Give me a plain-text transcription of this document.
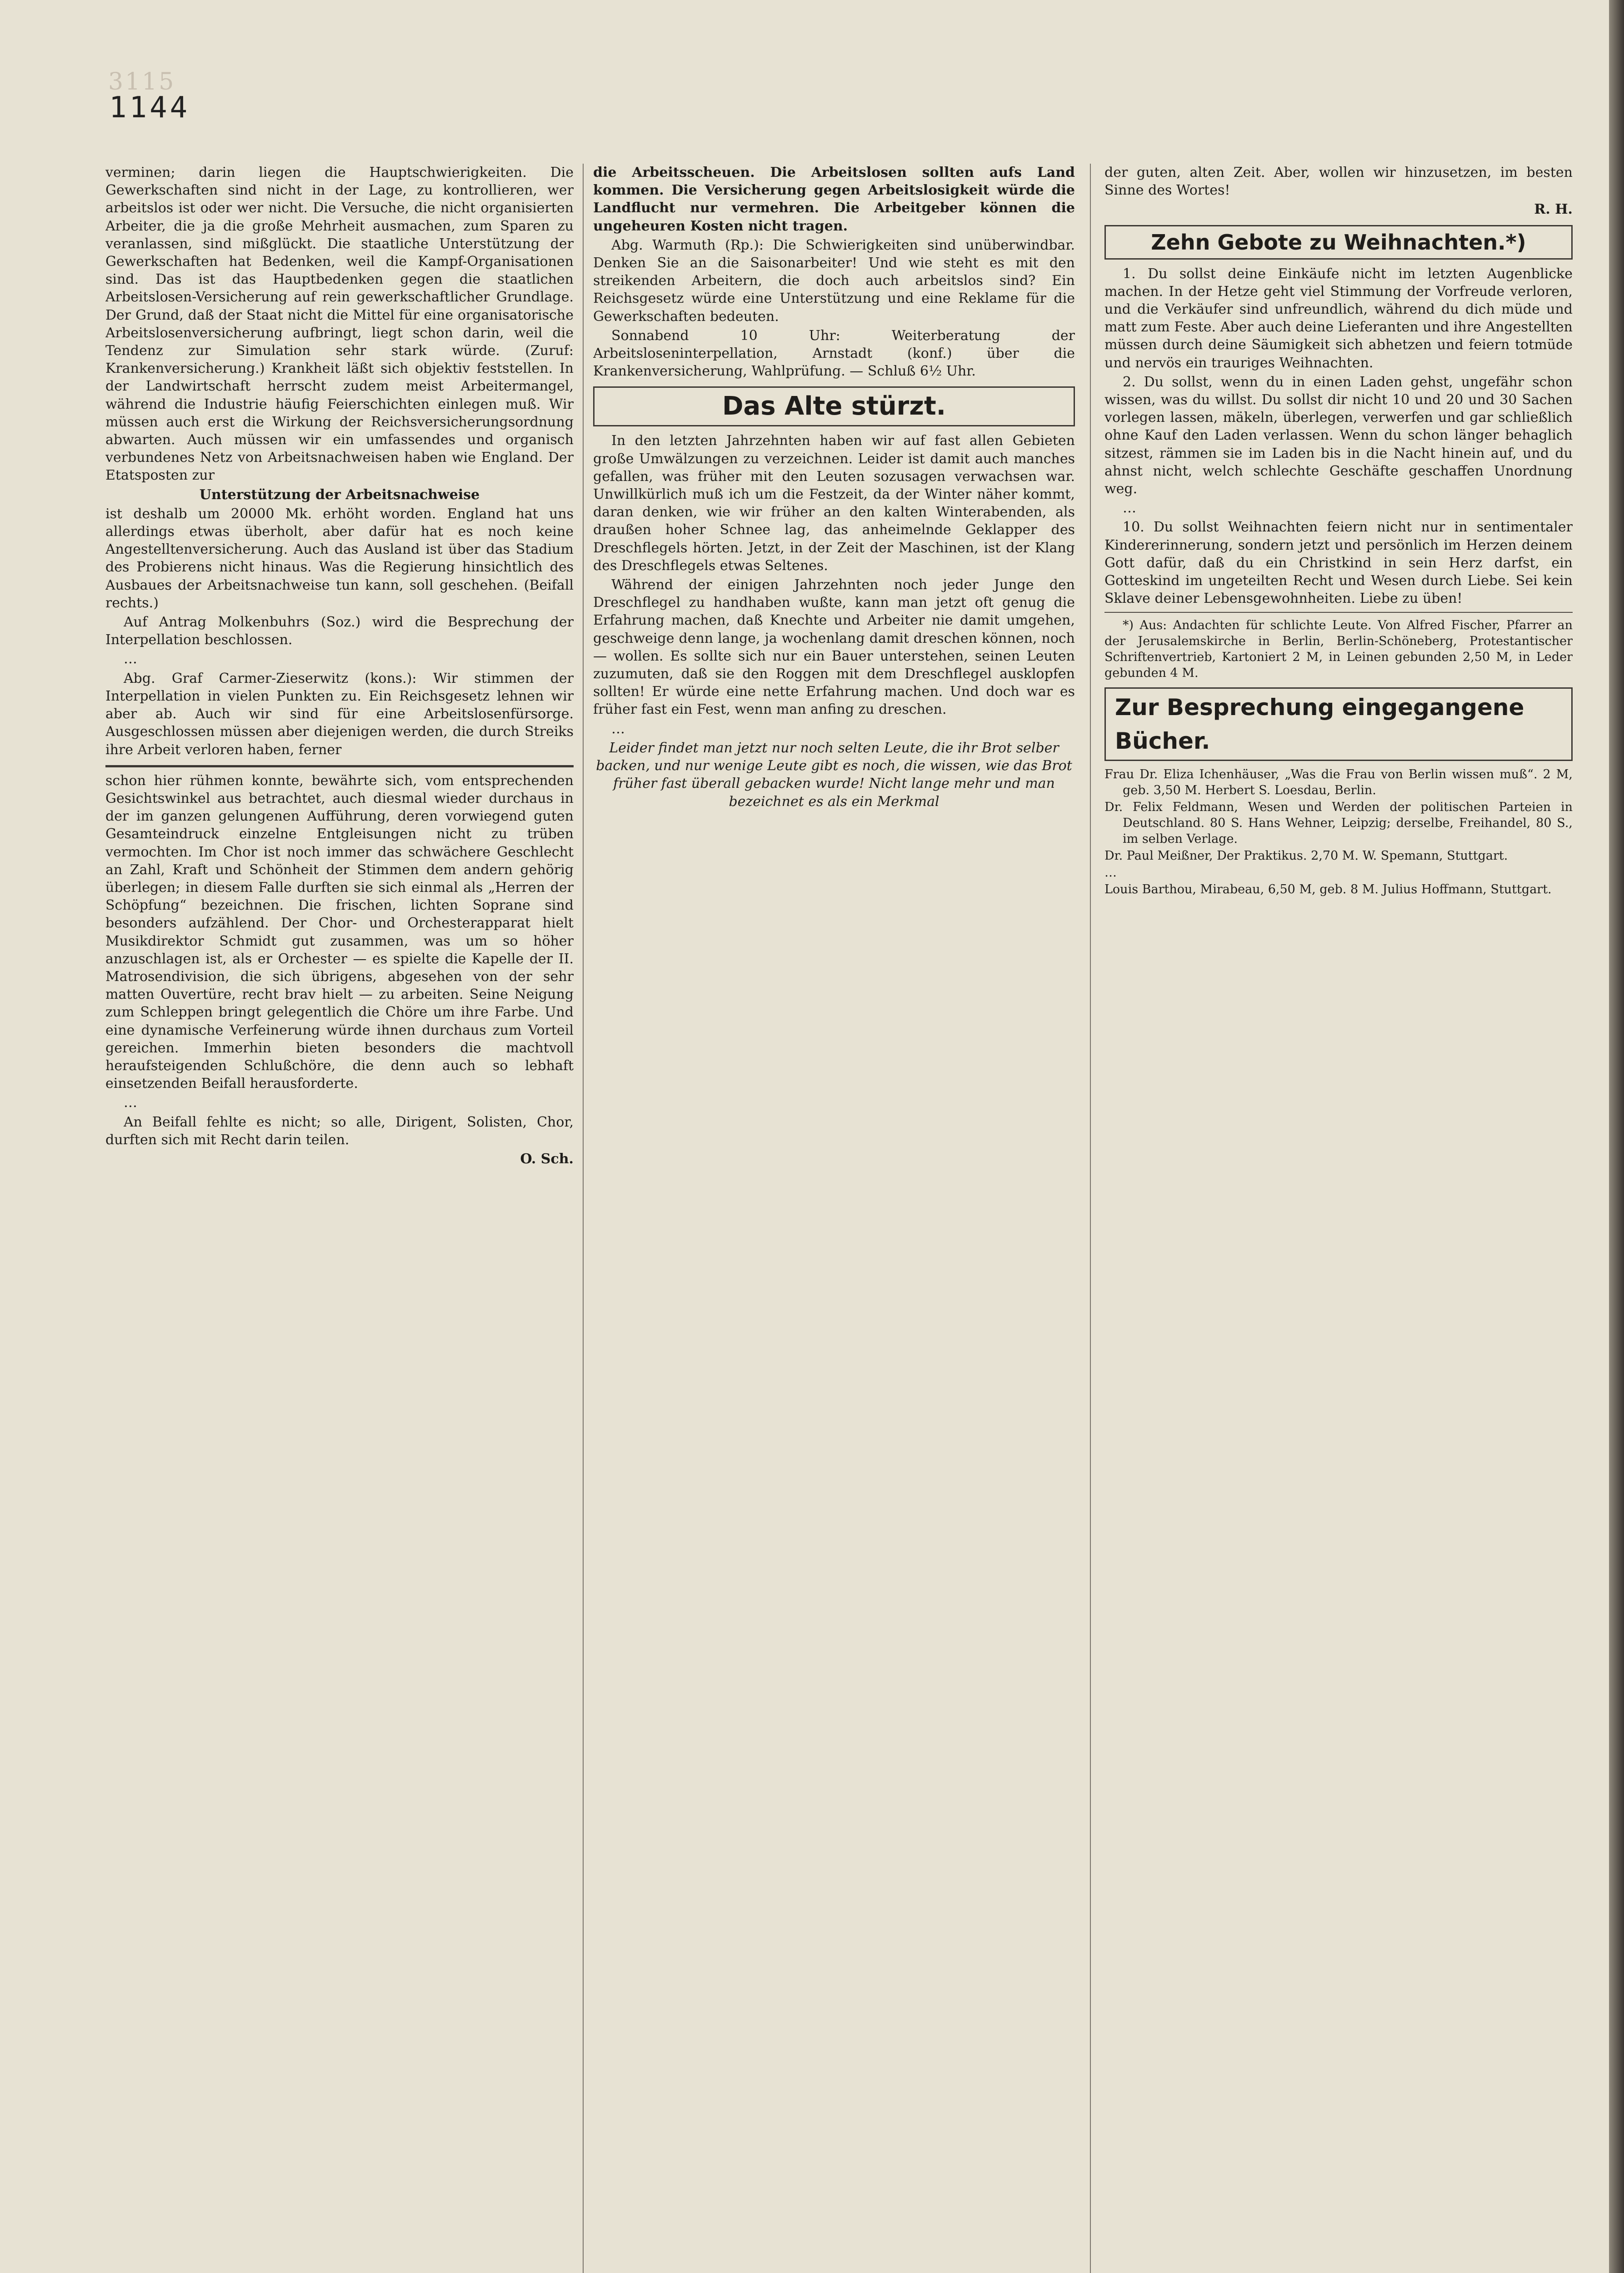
3115
1144

verminen; darin liegen die Hauptschwierigkeiten. Die Gewerkschaften sind nicht in der Lage, zu kontrollieren, wer arbeitslos ist oder wer nicht. Die Versuche, die nicht organisierten Arbeiter, die ja die große Mehrheit ausmachen, zum Sparen zu veranlassen, sind mißglückt. Die staatliche Unterstützung der Gewerkschaften hat Bedenken, weil die Kampf-Organisationen sind. Das ist das Hauptbedenken gegen die staatlichen Arbeitslosen-Versicherung auf rein gewerkschaftlicher Grundlage. Der Grund, daß der Staat nicht die Mittel für eine organisatorische Arbeitslosenversicherung aufbringt, liegt schon darin, weil die Tendenz zur Simulation sehr stark würde. (Zuruf: Krankenversicherung.) Krankheit läßt sich objektiv feststellen. In der Landwirtschaft herrscht zudem meist Arbeitermangel, während die Industrie häufig Feierschichten einlegen muß. Wir müssen auch erst die Wirkung der Reichsversicherungsordnung abwarten. Auch müssen wir ein umfassendes und organisch verbundenes Netz von Arbeitsnachweisen haben wie England. Der Etatsposten zur

Unterstützung der Arbeitsnachweise

ist deshalb um 20000 Mk. erhöht worden. England hat uns allerdings etwas überholt, aber dafür hat es noch keine Angestelltenversicherung. Auch das Ausland ist über das Stadium des Probierens nicht hinaus. Was die Regierung hinsichtlich des Ausbaues der Arbeitsnachweise tun kann, soll geschehen. (Beifall rechts.)

Auf Antrag Molkenbuhrs (Soz.) wird die Besprechung der Interpellation beschlossen.

…

Abg. Graf Carmer-Zieserwitz (kons.): Wir stimmen der Interpellation in vielen Punkten zu. Ein Reichsgesetz lehnen wir aber ab. Auch wir sind für eine Arbeitslosenfürsorge. Ausgeschlossen müssen aber diejenigen werden, die durch Streiks ihre Arbeit verloren haben, ferner

schon hier rühmen konnte, bewährte sich, vom entsprechenden Gesichtswinkel aus betrachtet, auch diesmal wieder durchaus in der im ganzen gelungenen Aufführung, deren vorwiegend guten Gesamteindruck einzelne Entgleisungen nicht zu trüben vermochten. Im Chor ist noch immer das schwächere Geschlecht an Zahl, Kraft und Schönheit der Stimmen dem andern gehörig überlegen; in diesem Falle durften sie sich einmal als „Herren der Schöpfung“ bezeichnen. Die frischen, lichten Soprane sind besonders aufzählend. Der Chor- und Orchesterapparat hielt Musikdirektor Schmidt gut zusammen, was um so höher anzuschlagen ist, als er Orchester — es spielte die Kapelle der II. Matrosendivision, die sich übrigens, abgesehen von der sehr matten Ouvertüre, recht brav hielt — zu arbeiten. Seine Neigung zum Schleppen bringt gelegentlich die Chöre um ihre Farbe. Und eine dynamische Verfeinerung würde ihnen durchaus zum Vorteil gereichen. Immerhin bieten besonders die machtvoll heraufsteigenden Schlußchöre, die denn auch so lebhaft einsetzenden Beifall herausforderte.

…

An Beifall fehlte es nicht; so alle, Dirigent, Solisten, Chor, durften sich mit Recht darin teilen.

O. Sch.

die Arbeitsscheuen. Die Arbeitslosen sollten aufs Land kommen. Die Versicherung gegen Arbeitslosigkeit würde die Landflucht nur vermehren. Die Arbeitgeber können die ungeheuren Kosten nicht tragen.

Abg. Warmuth (Rp.): Die Schwierigkeiten sind unüberwindbar. Denken Sie an die Saisonarbeiter! Und wie steht es mit den streikenden Arbeitern, die doch auch arbeitslos sind? Ein Reichsgesetz würde eine Unterstützung und eine Reklame für die Gewerkschaften bedeuten.

Sonnabend 10 Uhr: Weiterberatung der Arbeitsloseninterpellation, Arnstadt (konf.) über die Krankenversicherung, Wahlprüfung. — Schluß 6½ Uhr.

Das Alte stürzt.

In den letzten Jahrzehnten haben wir auf fast allen Gebieten große Umwälzungen zu verzeichnen. Leider ist damit auch manches gefallen, was früher mit den Leuten sozusagen verwachsen war. Unwillkürlich muß ich um die Festzeit, da der Winter näher kommt, daran denken, wie wir früher an den kalten Winterabenden, als draußen hoher Schnee lag, das anheimelnde Geklapper des Dreschflegels hörten. Jetzt, in der Zeit der Maschinen, ist der Klang des Dreschflegels etwas Seltenes.

Während der einigen Jahrzehnten noch jeder Junge den Dreschflegel zu handhaben wußte, kann man jetzt oft genug die Erfahrung machen, daß Knechte und Arbeiter nie damit umgehen, geschweige denn lange, ja wochenlang damit dreschen können, noch — wollen. Es sollte sich nur ein Bauer unterstehen, seinen Leuten zuzumuten, daß sie den Roggen mit dem Dreschflegel ausklopfen sollten! Er würde eine nette Erfahrung machen. Und doch war es früher fast ein Fest, wenn man anfing zu dreschen.

…

Leider findet man jetzt nur noch selten Leute, die ihr Brot selber backen, und nur wenige Leute gibt es noch, die wissen, wie das Brot früher fast überall gebacken wurde! Nicht lange mehr und man bezeichnet es als ein Merkmal

der guten, alten Zeit. Aber, wollen wir hinzusetzen, im besten Sinne des Wortes!

R. H.

Zehn Gebote zu Weihnachten.*)

1. Du sollst deine Einkäufe nicht im letzten Augenblicke machen. In der Hetze geht viel Stimmung der Vorfreude verloren, und die Verkäufer sind unfreundlich, während du dich müde und matt zum Feste. Aber auch deine Lieferanten und ihre Angestellten müssen durch deine Säumigkeit sich abhetzen und feiern totmüde und nervös ein trauriges Weihnachten.

2. Du sollst, wenn du in einen Laden gehst, ungefähr schon wissen, was du willst. Du sollst dir nicht 10 und 20 und 30 Sachen vorlegen lassen, mäkeln, überlegen, verwerfen und gar schließlich ohne Kauf den Laden verlassen. Wenn du schon länger behaglich sitzest, rämmen sie im Laden bis in die Nacht hinein auf, und du ahnst nicht, welch schlechte Geschäfte geschaffen Unordnung weg.

…

10. Du sollst Weihnachten feiern nicht nur in sentimentaler Kindererinnerung, sondern jetzt und persönlich im Herzen deinem Gott dafür, daß du ein Christkind in sein Herz darfst, ein Gotteskind im ungeteilten Recht und Wesen durch Liebe. Sei kein Sklave deiner Lebensgewohnheiten. Liebe zu üben!

*) Aus: Andachten für schlichte Leute. Von Alfred Fischer, Pfarrer an der Jerusalemskirche in Berlin, Berlin-Schöneberg, Protestantischer Schriftenvertrieb, Kartoniert 2 M, in Leinen gebunden 2,50 M, in Leder gebunden 4 M.

Zur Besprechung eingegangene Bücher.

Frau Dr. Eliza Ichenhäuser, „Was die Frau von Berlin wissen muß“. 2 M, geb. 3,50 M. Herbert S. Loesdau, Berlin.

Dr. Felix Feldmann, Wesen und Werden der politischen Parteien in Deutschland. 80 S. Hans Wehner, Leipzig; derselbe, Freihandel, 80 S., im selben Verlage.

Dr. Paul Meißner, Der Praktikus. 2,70 M. W. Spemann, Stuttgart.

…

Louis Barthou, Mirabeau, 6,50 M, geb. 8 M. Julius Hoffmann, Stuttgart.
